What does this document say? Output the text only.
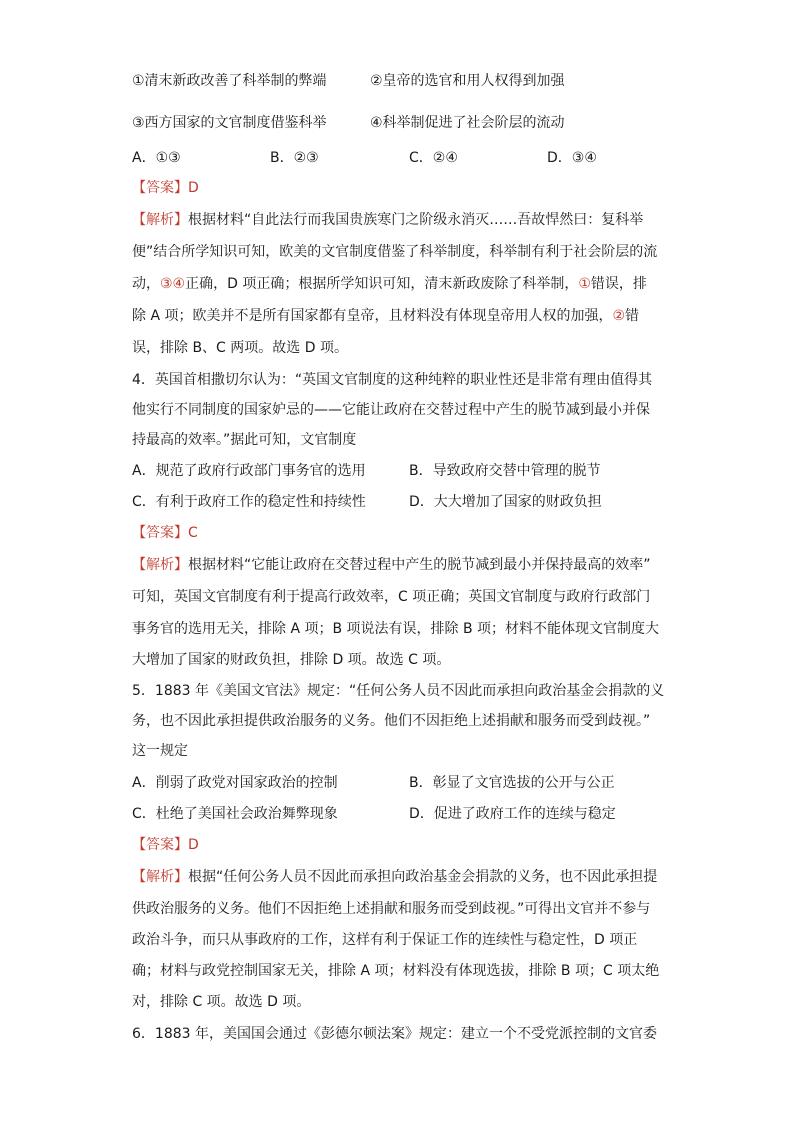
①清末新政改善了科举制的弊端	②皇帝的选官和用人权得到加强
③西方国家的文官制度借鉴科举	④科举制促进了社会阶层的流动
A．①③	B．②③	C．②④	D．③④
【答案】D
【解析】根据材料“自此法行而我国贵族寒门之阶级永消灭……吾故悍然曰：复科举
便”结合所学知识可知，欧美的文官制度借鉴了科举制度，科举制有利于社会阶层的流
动，③④正确，D 项正确；根据所学知识可知，清末新政废除了科举制，①错误，排
除 A 项；欧美并不是所有国家都有皇帝，且材料没有体现皇帝用人权的加强，②错
误，排除 B、C 两项。故选 D 项。
4．英国首相撒切尔认为：“英国文官制度的这种纯粹的职业性还是非常有理由值得其
他实行不同制度的国家妒忌的——它能让政府在交替过程中产生的脱节减到最小并保
持最高的效率。”据此可知，文官制度
A．规范了政府行政部门事务官的选用	B．导致政府交替中管理的脱节
C．有利于政府工作的稳定性和持续性	D．大大增加了国家的财政负担
【答案】C
【解析】根据材料“它能让政府在交替过程中产生的脱节减到最小并保持最高的效率”
可知，英国文官制度有利于提高行政效率，C 项正确；英国文官制度与政府行政部门
事务官的选用无关，排除 A 项；B 项说法有误，排除 B 项；材料不能体现文官制度大
大增加了国家的财政负担，排除 D 项。故选 C 项。
5．1883 年《美国文官法》规定：“任何公务人员不因此而承担向政治基金会捐款的义
务，也不因此承担提供政治服务的义务。他们不因拒绝上述捐献和服务而受到歧视。”
这一规定
A．削弱了政党对国家政治的控制	B．彰显了文官选拔的公开与公正
C．杜绝了美国社会政治舞弊现象	D．促进了政府工作的连续与稳定
【答案】D
【解析】根据“任何公务人员不因此而承担向政治基金会捐款的义务，也不因此承担提
供政治服务的义务。他们不因拒绝上述捐献和服务而受到歧视。”可得出文官并不参与
政治斗争，而只从事政府的工作，这样有利于保证工作的连续性与稳定性，D 项正
确；材料与政党控制国家无关，排除 A 项；材料没有体现选拔，排除 B 项；C 项太绝
对，排除 C 项。故选 D 项。
6．1883 年，美国国会通过《彭德尔顿法案》规定：建立一个不受党派控制的文官委
